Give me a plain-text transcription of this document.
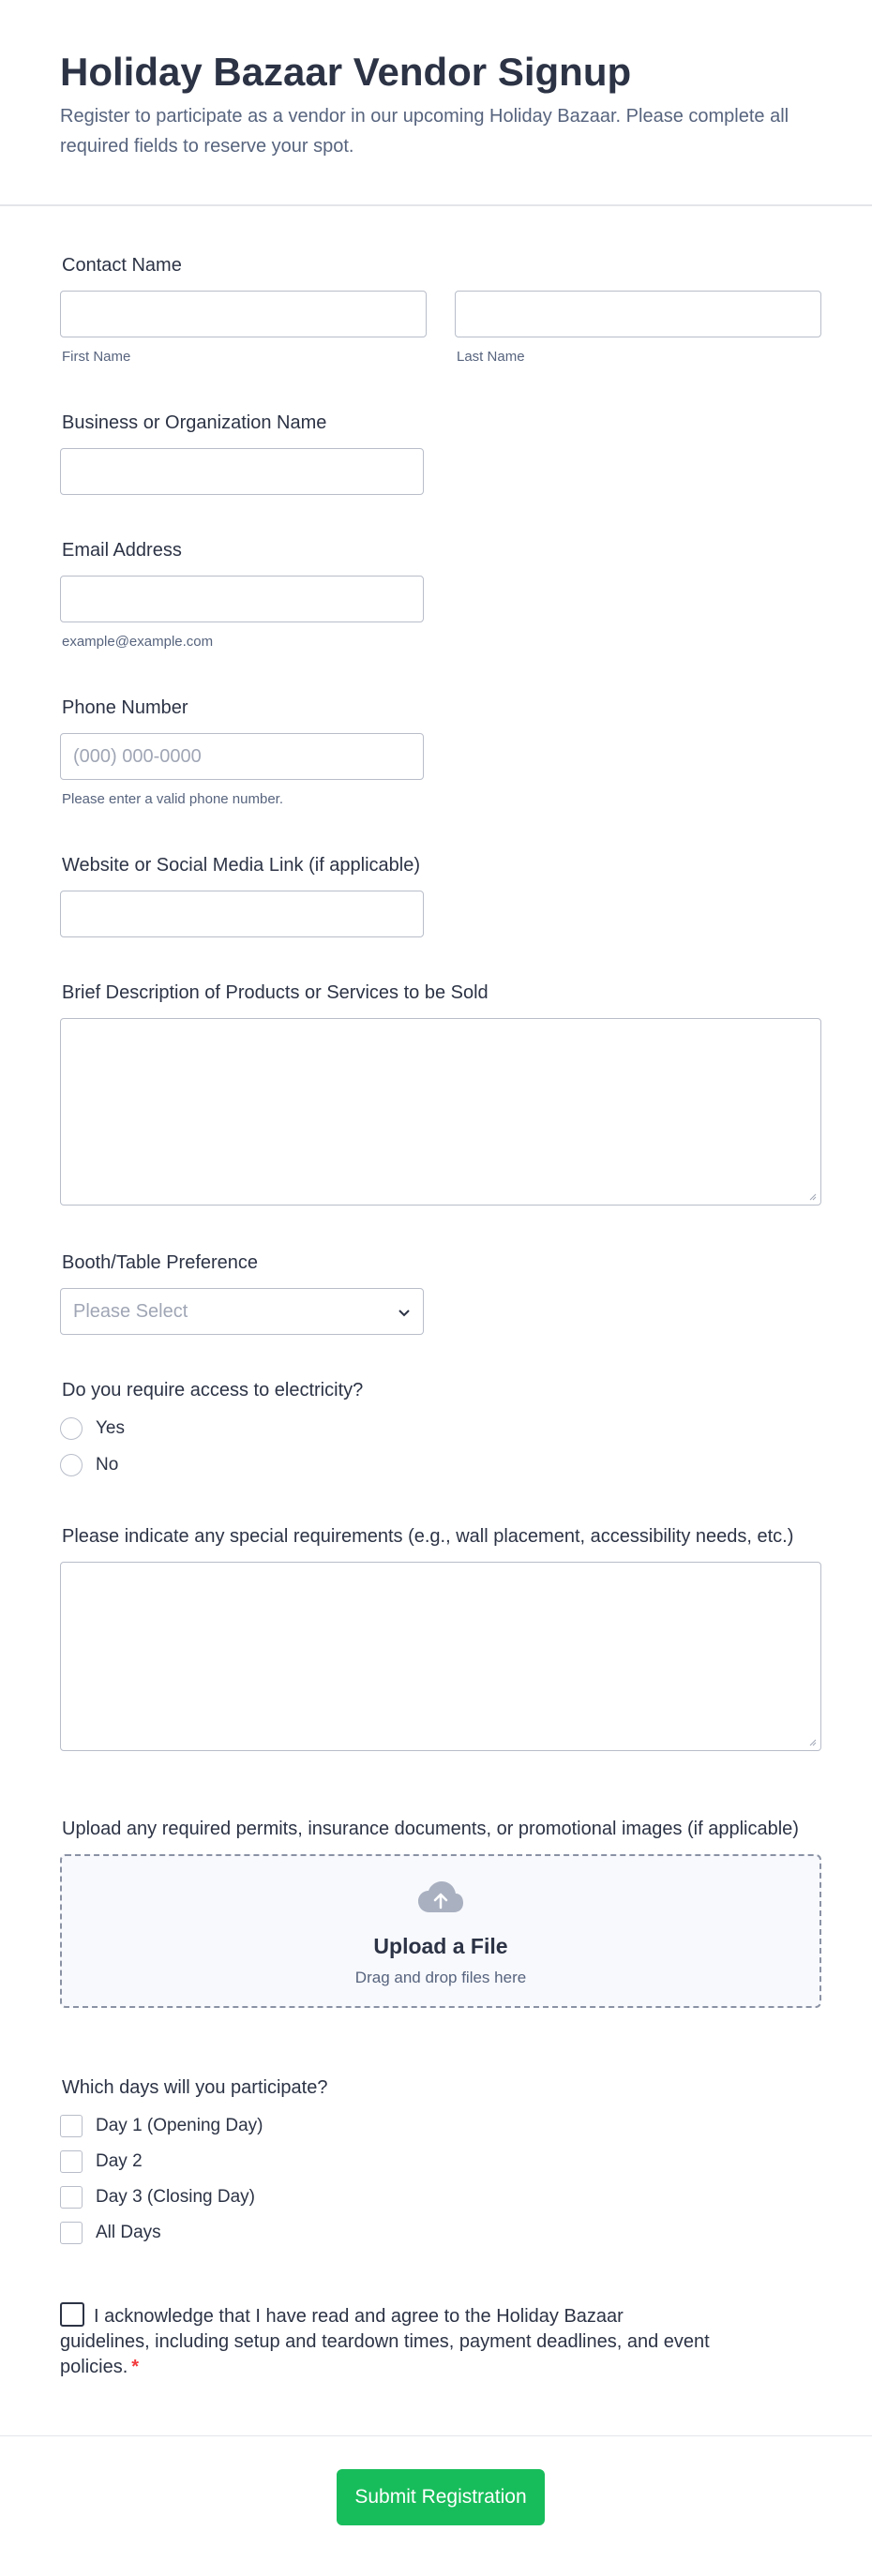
Holiday Bazaar Vendor Signup

Register to participate as a vendor in our upcoming Holiday Bazaar. Please complete all required fields to reserve your spot.

Contact Name
First Name	Last Name
Business or Organization Name
Email Address
example@example.com
Phone Number
(000) 000-0000
Please enter a valid phone number.
Website or Social Media Link (if applicable)
Brief Description of Products or Services to be Sold
Booth/Table Preference
Please Select
Do you require access to electricity?
Yes
No
Please indicate any special requirements (e.g., wall placement, accessibility needs, etc.)
Upload any required permits, insurance documents, or promotional images (if applicable)
Upload a File
Drag and drop files here
Which days will you participate?
Day 1 (Opening Day)
Day 2
Day 3 (Closing Day)
All Days
I acknowledge that I have read and agree to the Holiday Bazaar guidelines, including setup and teardown times, payment deadlines, and event policies. *
Submit Registration
